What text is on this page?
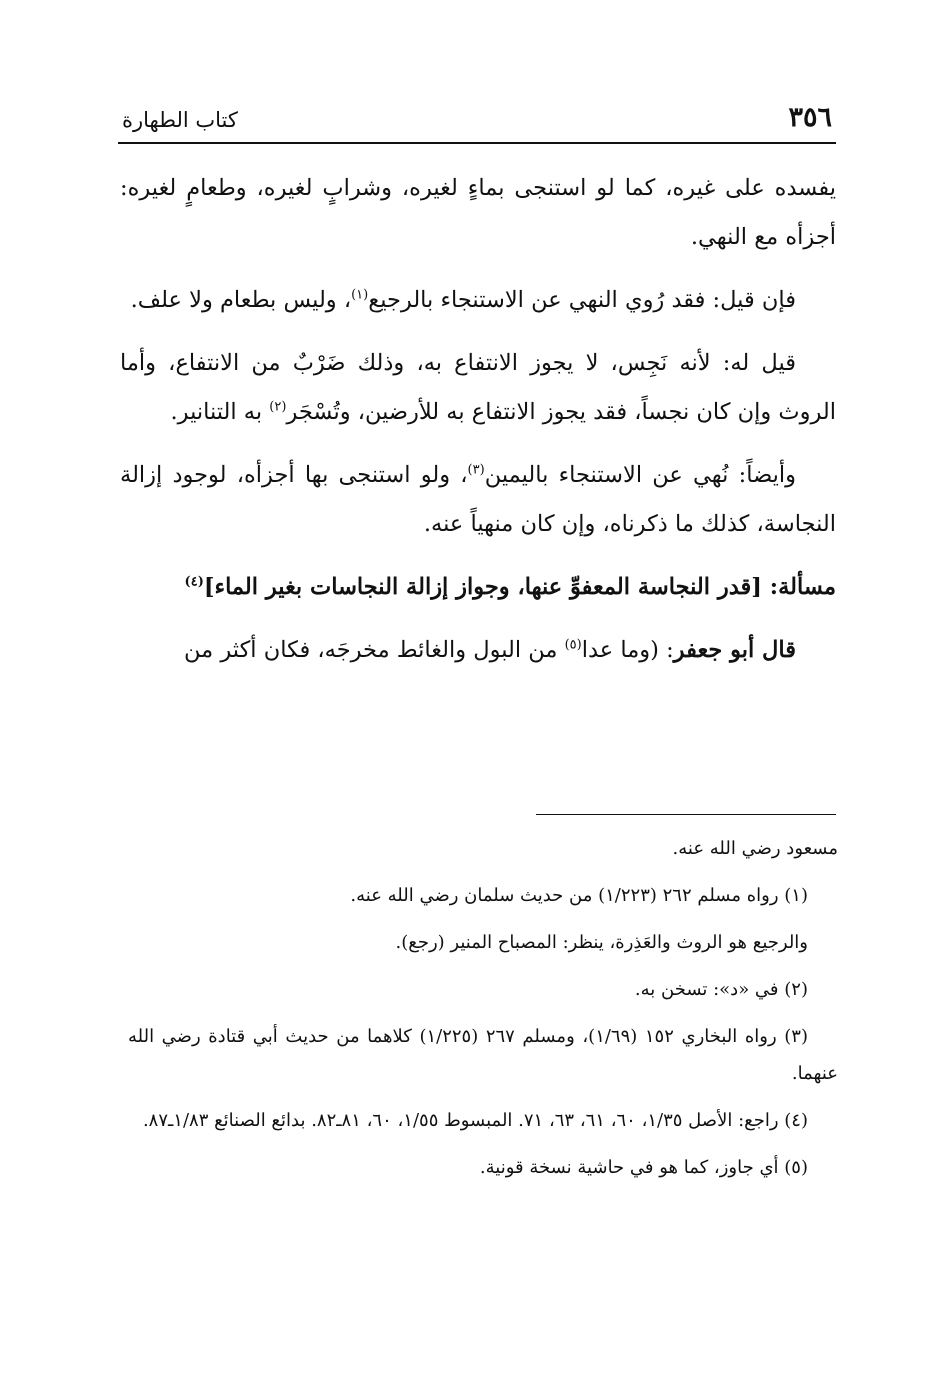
٣٥٦
كتاب الطهارة

يفسده على غيره، كما لو استنجى بماءٍ لغيره، وشرابٍ لغيره، وطعامٍ لغيره: أجزأه مع النهي.

فإن قيل: فقد رُوي النهي عن الاستنجاء بالرجيع$^{(١)}$، وليس بطعام ولا علف.

قيل له: لأنه نَجِس، لا يجوز الانتفاع به، وذلك ضَرْبٌ من الانتفاع، وأما الروث وإن كان نجساً، فقد يجوز الانتفاع به للأرضين، وتُسْجَر$^{(٢)}$ به التنانير.

وأيضاً: نُهي عن الاستنجاء باليمين$^{(٣)}$، ولو استنجى بها أجزأه، لوجود إزالة النجاسة، كذلك ما ذكرناه، وإن كان منهياً عنه.

مسألة: [قدر النجاسة المعفوِّ عنها، وجواز إزالة النجاسات بغير الماء]$^{(٤)}$

قال أبو جعفر: (وما عدا$^{(٥)}$ من البول والغائط مخرجَه، فكان أكثر من

مسعود رضي الله عنه.

(١) رواه مسلم ٢٦٢ (١/٢٢٣) من حديث سلمان رضي الله عنه.

والرجيع هو الروث والعَذِرة، ينظر: المصباح المنير (رجع).

(٢) في «د»: تسخن به.

(٣) رواه البخاري ١٥٢ (١/٦٩)، ومسلم ٢٦٧ (١/٢٢٥) كلاهما من حديث أبي قتادة رضي الله عنهما.

(٤) راجع: الأصل ١/٣٥، ٦٠، ٦١، ٦٣، ٧١. المبسوط ١/٥٥، ٦٠، ٨١ـ٨٢. بدائع الصنائع ١/٨٣ـ٨٧.

(٥) أي جاوز، كما هو في حاشية نسخة قونية.
